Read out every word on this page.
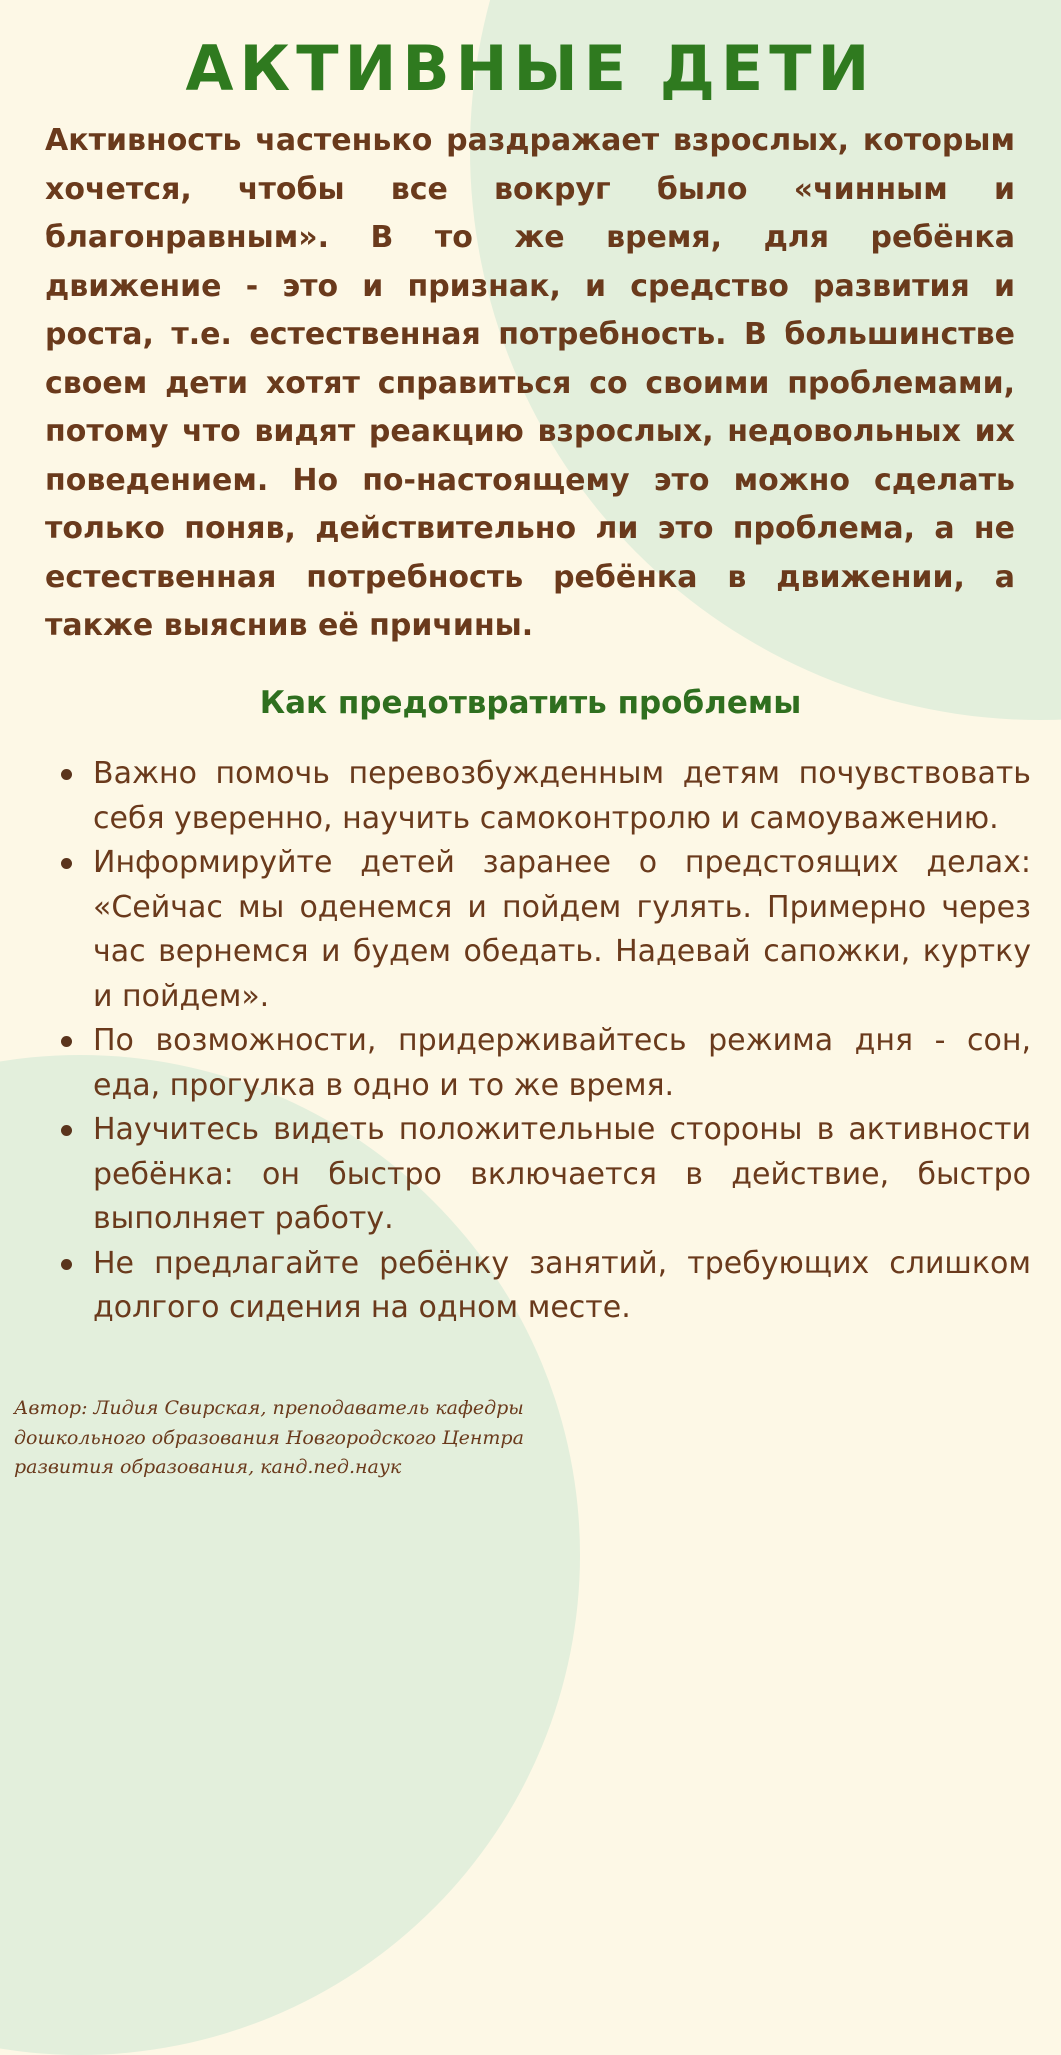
АКТИВНЫЕ ДЕТИ

Активность частенько раздражает взрослых, которым хочется, чтобы все вокруг было «чинным и благонравным». В то же время, для ребёнка движение - это и признак, и средство развития и роста, т.е. естественная потребность. В большинстве своем дети хотят справиться со своими проблемами, потому что видят реакцию взрослых, недовольных их поведением. Но по-настоящему это можно сделать только поняв, действительно ли это проблема, а не естественная потребность ребёнка в движении, а также выяснив её причины.

Как предотвратить проблемы
Важно помочь перевозбужденным детям почувствовать себя уверенно, научить самоконтролю и самоуважению.
Информируйте детей заранее о предстоящих делах: «Сейчас мы оденемся и пойдем гулять. Примерно через час вернемся и будем обедать. Надевай сапожки, куртку и пойдем».
По возможности, придерживайтесь режима дня - сон, еда, прогулка в одно и то же время.
Научитесь видеть положительные стороны в активности ребёнка: он быстро включается в действие, быстро выполняет работу.
Не предлагайте ребёнку занятий, требующих слишком долгого сидения на одном месте.

Автор: Лидия Свирская, преподаватель кафедры дошкольного образования Новгородского Центра развития образования, канд.пед.наук
